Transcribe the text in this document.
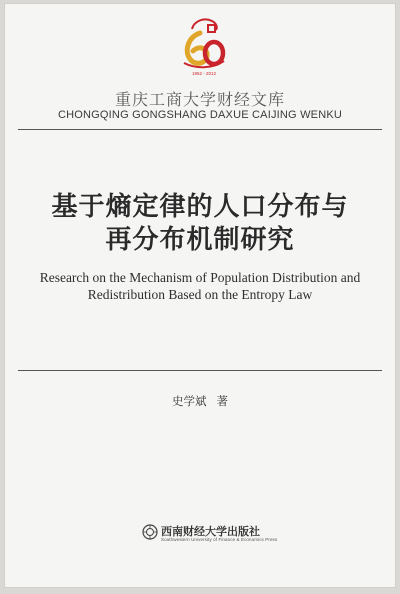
1952 - 2012
重庆工商大学财经文库
CHONGQING GONGSHANG DAXUE CAIJING WENKU
基于熵定律的人口分布与
再分布机制研究
Research on the Mechanism of Population Distribution and
Redistribution Based on the Entropy Law
史学斌 著
西南财经大学出版社
Southwestern University of Finance & Economics Press
